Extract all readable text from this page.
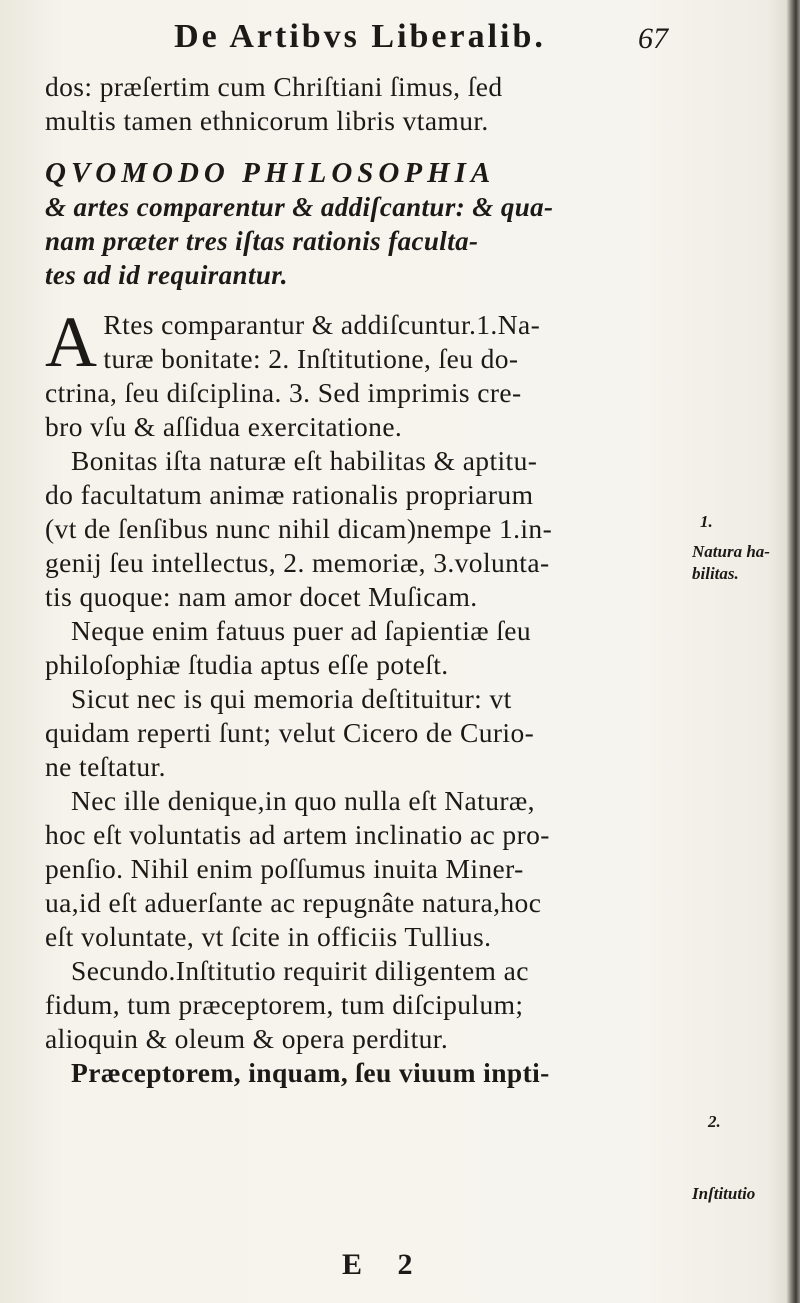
De Artibvs Liberalib.	67
dos: præſertim cum Chriſtiani ſimus, ſed
multis tamen ethnicorum libris vtamur.
QVOMODO PHILOSOPHIA
& artes comparentur & addiſcantur: & qua-
nam præter tres iſtas rationis faculta-
tes ad id requirantur.
A Rtes comparantur & addiſcuntur.1.Na-
turæ bonitate: 2. Inſtitutione, ſeu do-
ctrina, ſeu diſciplina. 3. Sed imprimis cre-
bro vſu & aſſidua exercitatione.
Bonitas iſta naturæ eſt habilitas & aptitu-
do facultatum animæ rationalis propriarum
(vt de ſenſibus nunc nihil dicam)nempe 1.in-
genij ſeu intellectus, 2. memoriæ, 3.volunta-
tis quoque: nam amor docet Muſicam.
Neque enim fatuus puer ad ſapientiæ ſeu
philoſophiæ ſtudia aptus eſſe poteſt.
Sicut nec is qui memoria deſtituitur: vt
quidam reperti ſunt; velut Cicero de Curio-
ne teſtatur.
Nec ille denique,in quo nulla eſt Naturæ,
hoc eſt voluntatis ad artem inclinatio ac pro-
penſio. Nihil enim poſſumus inuita Miner-
ua,id eſt aduerſante ac repugnâte natura,hoc
eſt voluntate, vt ſcite in officiis Tullius.
Secundo.Inſtitutio requirit diligentem ac
fidum, tum præceptorem, tum diſcipulum;
alioquin & oleum & opera perditur.
Præceptorem, inquam, ſeu viuum inpti-
1.
Natura ha-
bilitas.
2.
Inſtitutio
E 2
